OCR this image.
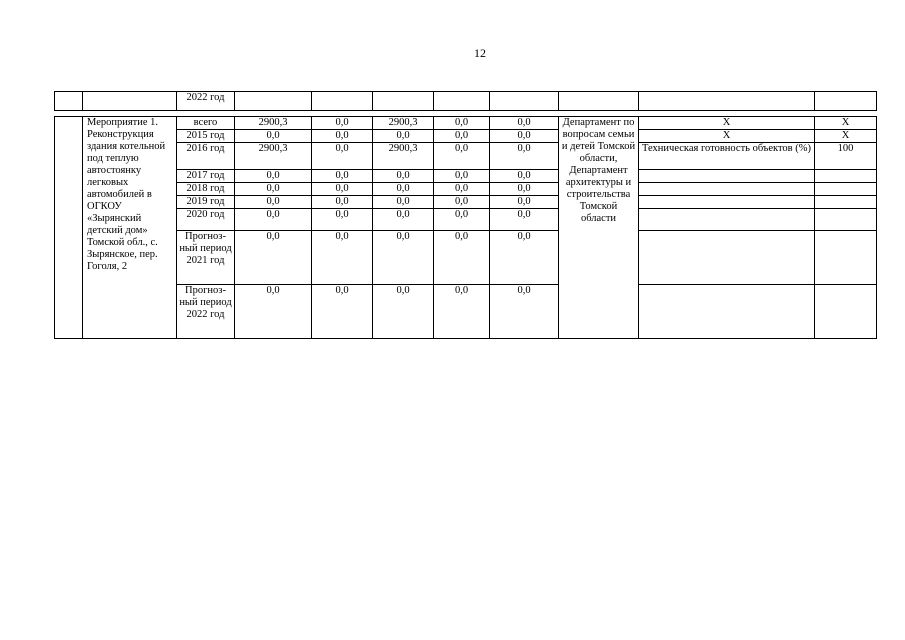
12
		2022 год								
	Мероприятие 1. Реконструкция здания котельной под теплую автостоянку легковых автомобилей в ОГКОУ «Зырянский детский дом» Томской обл., с. Зырянское, пер. Гоголя, 2	всего	2900,3	0,0	2900,3	0,0	0,0	Департамент по вопросам семьи и детей Томской области, Департамент архитектуры и строительства Томской области	Х	Х
		2015 год	0,0	0,0	0,0	0,0	0,0		Х	Х
		2016 год	2900,3	0,0	2900,3	0,0	0,0		Техническая готовность объектов (%)	100
		2017 год	0,0	0,0	0,0	0,0	0,0			
		2018 год	0,0	0,0	0,0	0,0	0,0			
		2019 год	0,0	0,0	0,0	0,0	0,0			
		2020 год	0,0	0,0	0,0	0,0	0,0			
		Прогноз-ный период 2021 год	0,0	0,0	0,0	0,0	0,0			
		Прогноз-ный период 2022 год	0,0	0,0	0,0	0,0	0,0			
